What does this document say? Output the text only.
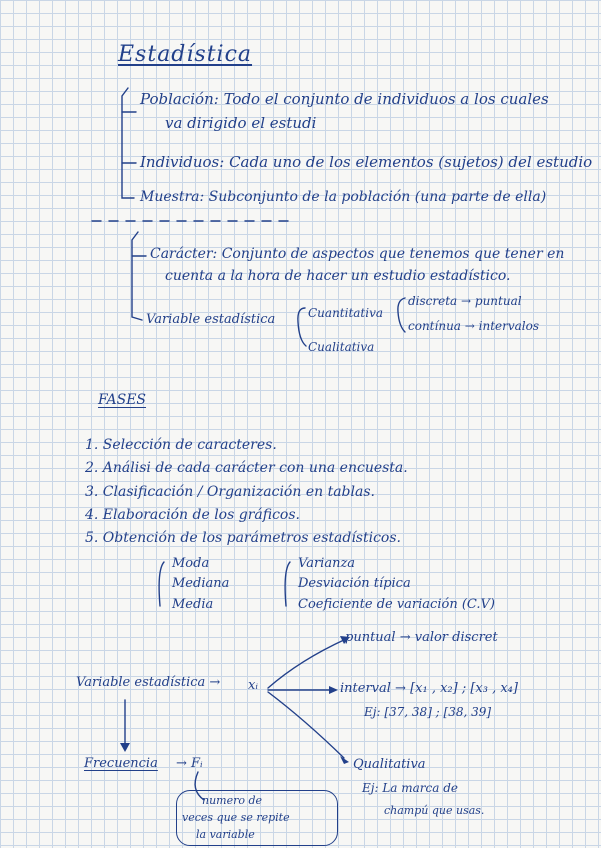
Estadística
Población: Todo el conjunto de individuos a los cuales
va dirigido el estudi
Individuos: Cada uno de los elementos (sujetos) del estudio
Muestra: Subconjunto de la población (una parte de ella)
Carácter: Conjunto de aspectos que tenemos que tener en
cuenta a la hora de hacer un estudio estadístico.
Variable estadística	Cuantitativa
discreta → puntual
contínua → intervalos
Cualitativa
FASES
1. Selección de caracteres.
2. Análisi de cada carácter con una encuesta.
3. Clasificación / Organización en tablas.
4. Elaboración de los gráficos.
5. Obtención de los parámetros estadísticos.
Moda
Mediana
Media
Varianza
Desviación típica
Coeficiente de variación (C.V)
puntual → valor discret
Variable estadística → xᵢ	interval → [x₁ , x₂] ; [x₃ , x₄]
Ej: [37, 38] ; [38, 39]
Qualitativa
Ej: La marca de
champú que usas.
Frecuencia → Fᵢ
numero de
veces que se repite
la variable
